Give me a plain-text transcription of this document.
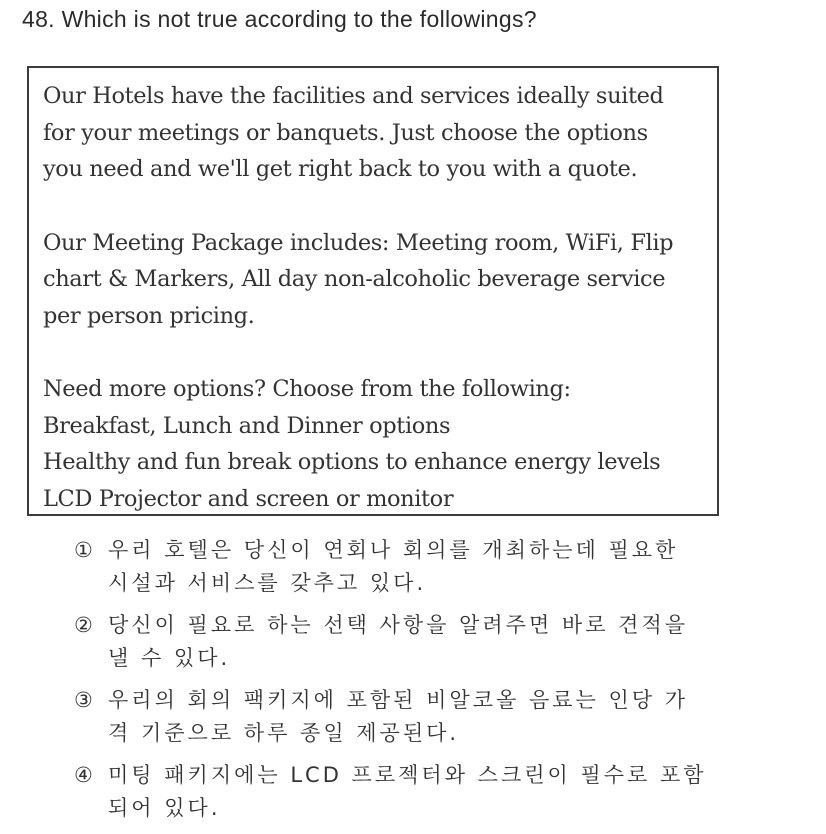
48. Which is not true according to the followings?
Our Hotels have the facilities and services ideally suited
for your meetings or banquets. Just choose the options
you need and we'll get right back to you with a quote.
Our Meeting Package includes: Meeting room, WiFi, Flip
chart & Markers, All day non-alcoholic beverage service
per person pricing.
Need more options? Choose from the following:
Breakfast, Lunch and Dinner options
Healthy and fun break options to enhance energy levels
LCD Projector and screen or monitor
① 우리 호텔은 당신이 연회나 회의를 개최하는데 필요한
시설과 서비스를 갖추고 있다.
② 당신이 필요로 하는 선택 사항을 알려주면 바로 견적을
낼 수 있다.
③ 우리의 회의 팩키지에 포함된 비알코올 음료는 인당 가
격 기준으로 하루 종일 제공된다.
④ 미팅 패키지에는 LCD 프로젝터와 스크린이 필수로 포함
되어 있다.
